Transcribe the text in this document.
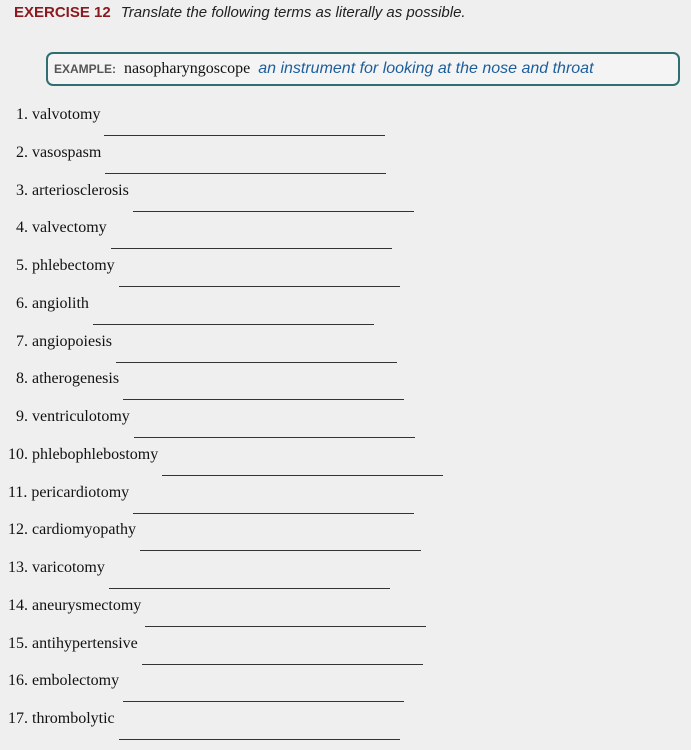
EXERCISE 12 Translate the following terms as literally as possible.
EXAMPLE: nasopharyngoscope an instrument for looking at the nose and throat
1. valvotomy
2. vasospasm
3. arteriosclerosis
4. valvectomy
5. phlebectomy
6. angiolith
7. angiopoiesis
8. atherogenesis
9. ventriculotomy
10. phlebophlebostomy
11. pericardiotomy
12. cardiomyopathy
13. varicotomy
14. aneurysmectomy
15. antihypertensive
16. embolectomy
17. thrombolytic
